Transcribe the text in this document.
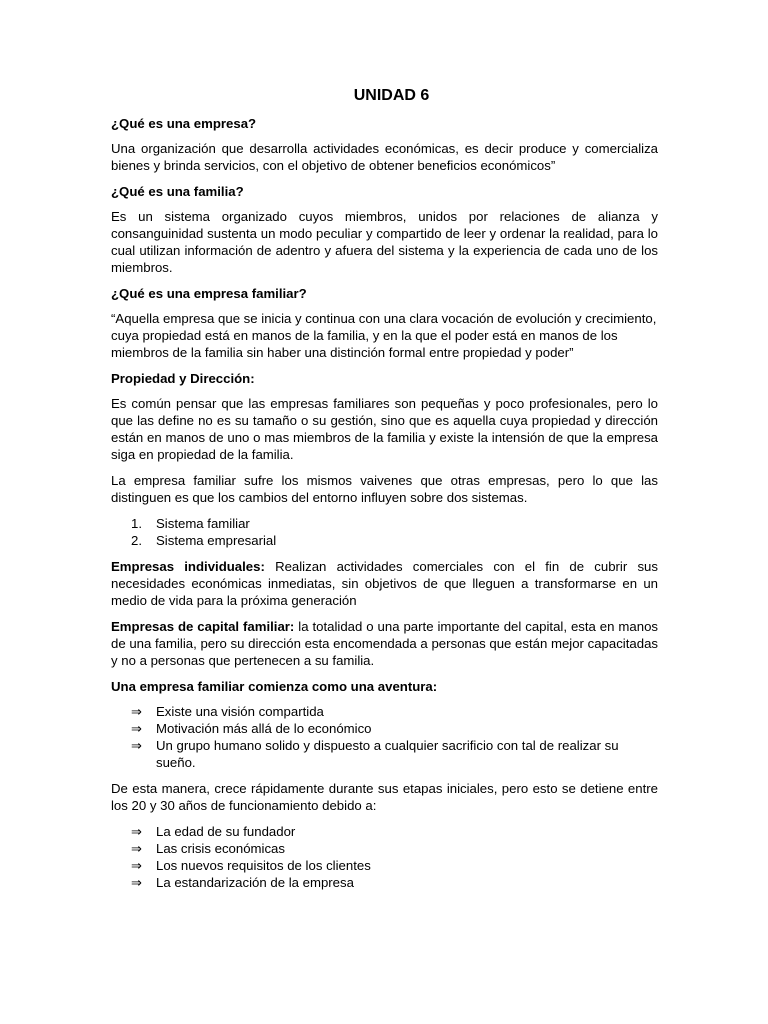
UNIDAD 6
¿Qué es una empresa?

Una organización que desarrolla actividades económicas, es decir produce y comercializa bienes y brinda servicios, con el objetivo de obtener beneficios económicos”

¿Qué es una familia?

Es un sistema organizado cuyos miembros, unidos por relaciones de alianza y consanguinidad sustenta un modo peculiar y compartido de leer y ordenar la realidad, para lo cual utilizan información de adentro y afuera del sistema y la experiencia de cada uno de los miembros.

¿Qué es una empresa familiar?

“Aquella empresa que se inicia y continua con una clara vocación de evolución y crecimiento, cuya propiedad está en manos de la familia, y en la que el poder está en manos de los miembros de la familia sin haber una distinción formal entre propiedad y poder”

Propiedad y Dirección:

Es común pensar que las empresas familiares son pequeñas y poco profesionales, pero lo que las define no es su tamaño o su gestión, sino que es aquella cuya propiedad y dirección están en manos de uno o mas miembros de la familia y existe la intensión de que la empresa siga en propiedad de la familia.

La empresa familiar sufre los mismos vaivenes que otras empresas, pero lo que las distinguen es que los cambios del entorno influyen sobre dos sistemas.

1. Sistema familiar
2. Sistema empresarial

Empresas individuales: Realizan actividades comerciales con el fin de cubrir sus necesidades económicas inmediatas, sin objetivos de que lleguen a transformarse en un medio de vida para la próxima generación

Empresas de capital familiar: la totalidad o una parte importante del capital, esta en manos de una familia, pero su dirección esta encomendada a personas que están mejor capacitadas y no a personas que pertenecen a su familia.

Una empresa familiar comienza como una aventura:
⇒ Existe una visión compartida
⇒ Motivación más allá de lo económico
⇒ Un grupo humano solido y dispuesto a cualquier sacrificio con tal de realizar su sueño.

De esta manera, crece rápidamente durante sus etapas iniciales, pero esto se detiene entre los 20 y 30 años de funcionamiento debido a:

⇒ La edad de su fundador
⇒ Las crisis económicas
⇒ Los nuevos requisitos de los clientes
⇒ La estandarización de la empresa
